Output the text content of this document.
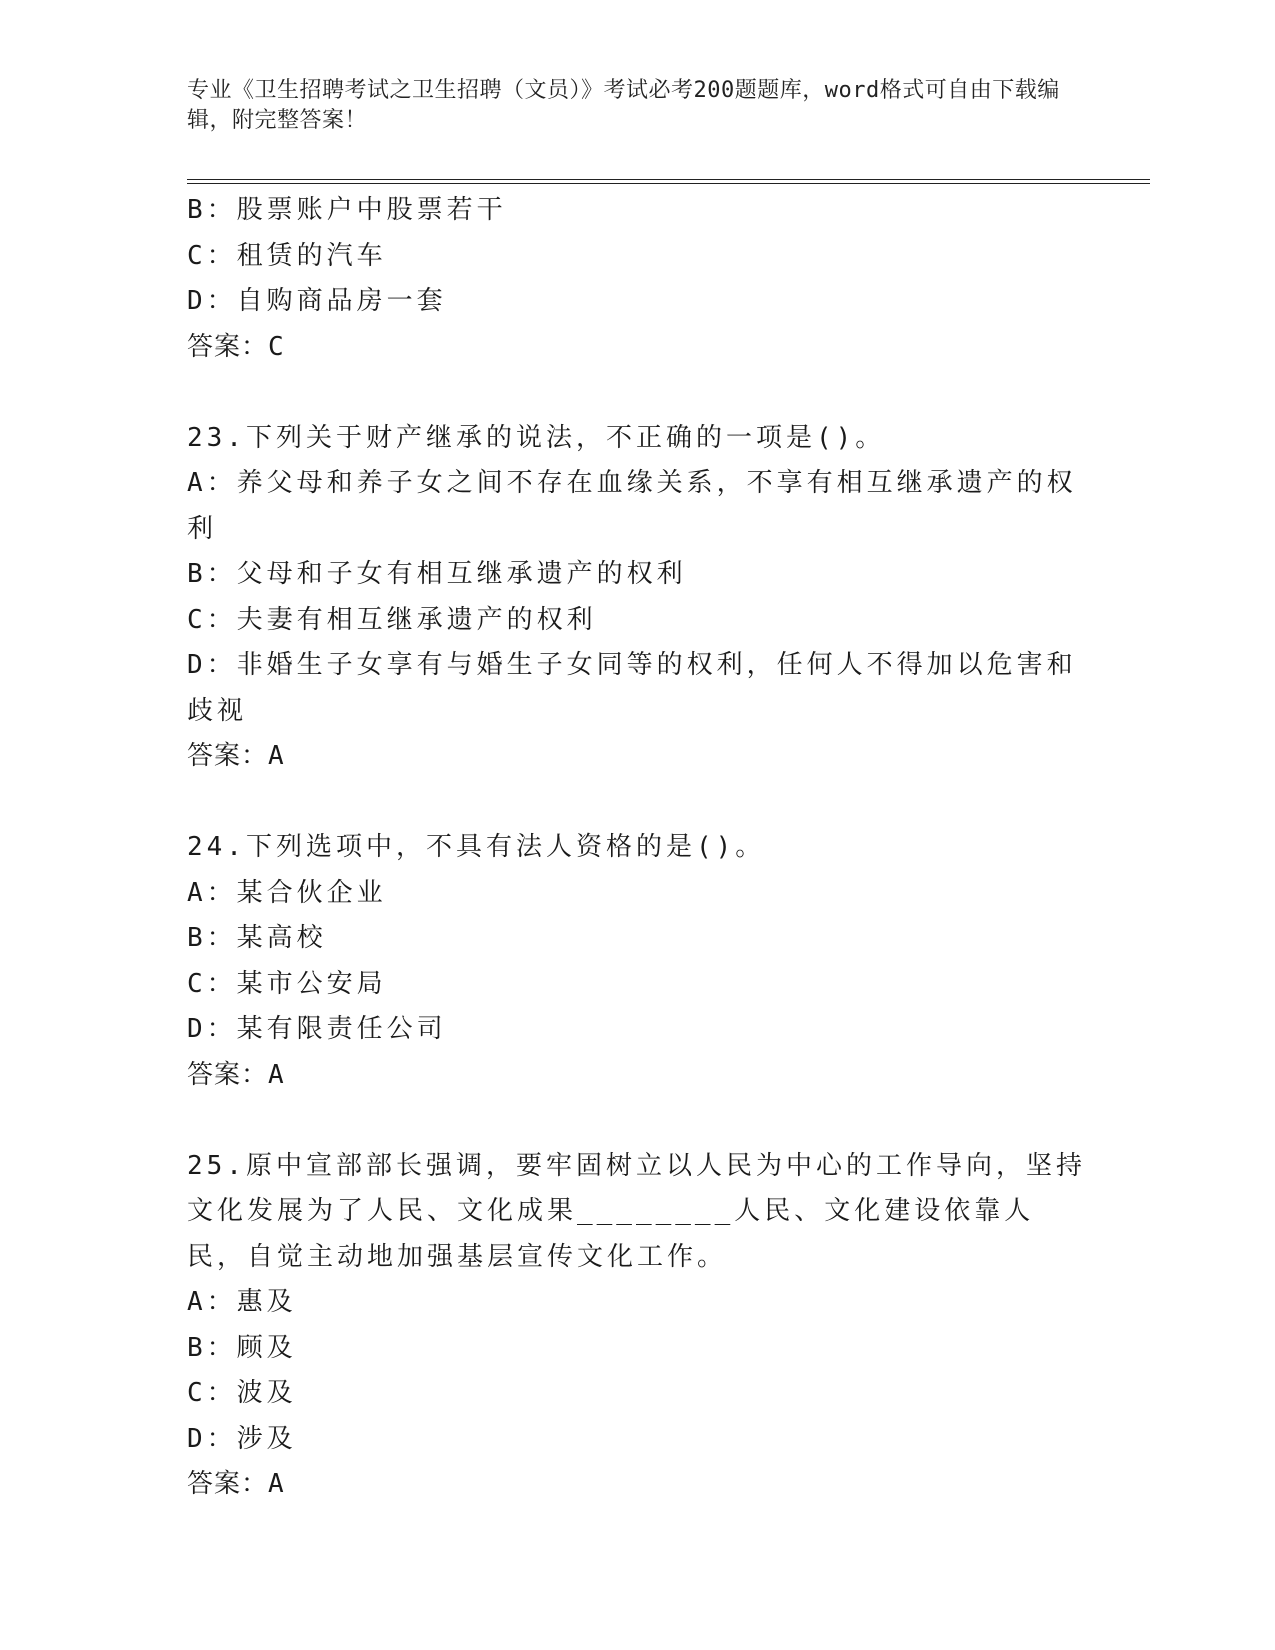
专业《卫生招聘考试之卫生招聘（文员）》考试必考200题题库，word格式可自由下载编辑，附完整答案！
B：股票账户中股票若干
C：租赁的汽车
D：自购商品房一套
答案：C
23.下列关于财产继承的说法，不正确的一项是()。
A：养父母和养子女之间不存在血缘关系，不享有相互继承遗产的权利
B：父母和子女有相互继承遗产的权利
C：夫妻有相互继承遗产的权利
D：非婚生子女享有与婚生子女同等的权利，任何人不得加以危害和歧视
答案：A
24.下列选项中，不具有法人资格的是()。
A：某合伙企业
B：某高校
C：某市公安局
D：某有限责任公司
答案：A
25.原中宣部部长强调，要牢固树立以人民为中心的工作导向，坚持文化发展为了人民、文化成果________人民、文化建设依靠人民，自觉主动地加强基层宣传文化工作。
A：惠及
B：顾及
C：波及
D：涉及
答案：A
